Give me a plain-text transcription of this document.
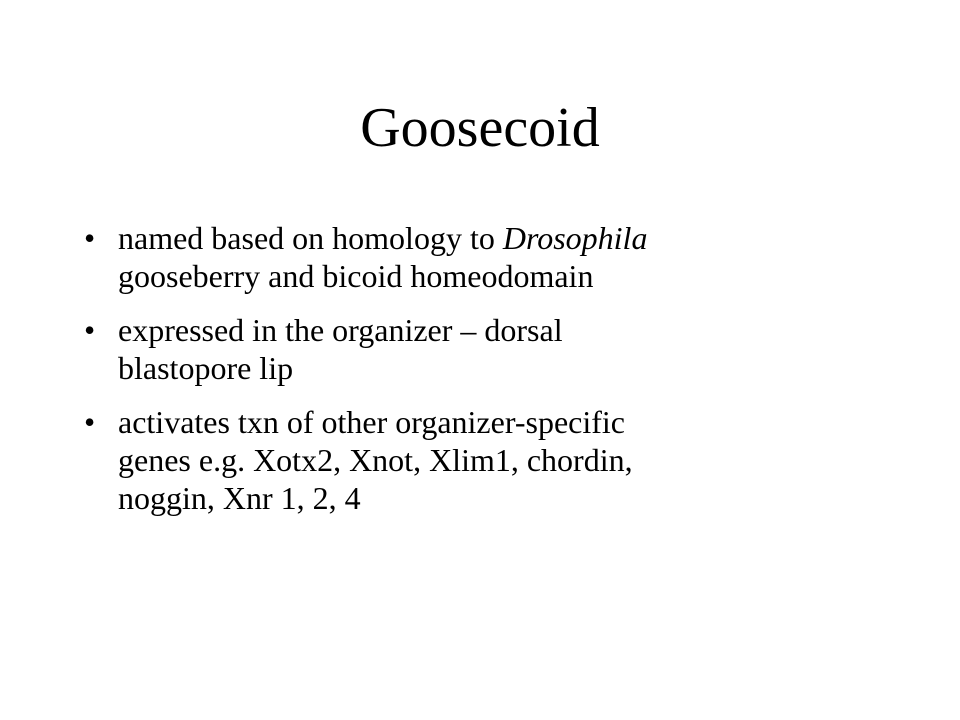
Goosecoid
• named based on homology to Drosophila
gooseberry and bicoid homeodomain
• expressed in the organizer – dorsal
blastopore lip
• activates txn of other organizer-specific
genes e.g. Xotx2, Xnot, Xlim1, chordin,
noggin, Xnr 1, 2, 4
